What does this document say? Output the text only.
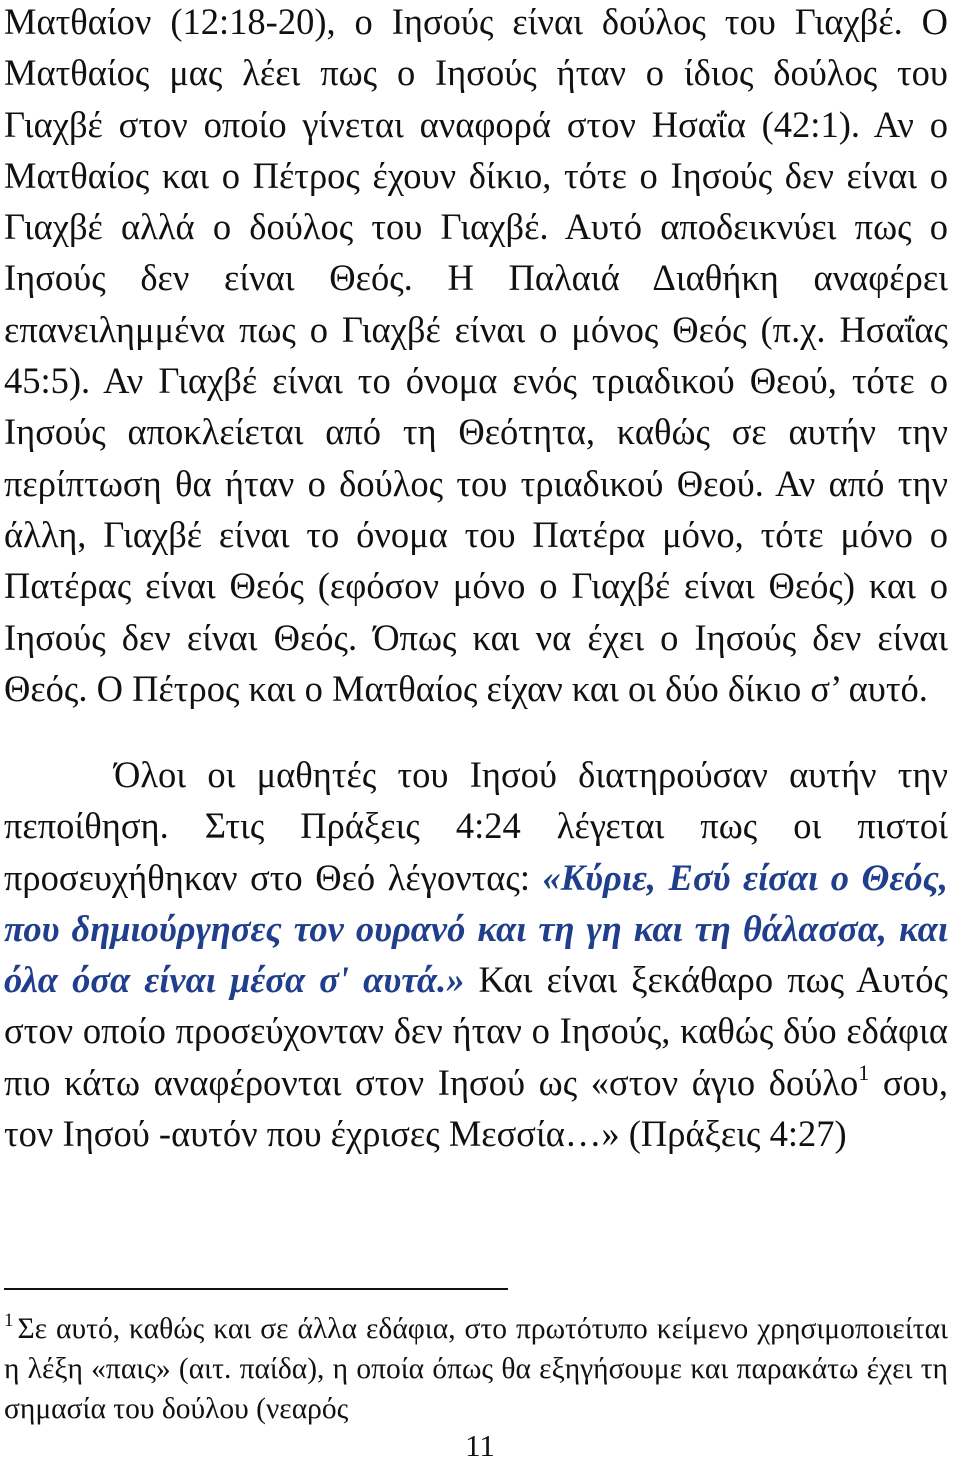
Ματθαίον (12:18-20), ο Ιησούς είναι δούλος του Γιαχβέ. Ο Ματθαίος μας λέει πως ο Ιησούς ήταν ο ίδιος δούλος του Γιαχβέ στον οποίο γίνεται αναφορά στον Ησαΐα (42:1). Αν ο Ματθαίος και ο Πέτρος έχουν δίκιο, τότε ο Ιησούς δεν είναι ο Γιαχβέ αλλά ο δούλος του Γιαχβέ. Αυτό αποδεικνύει πως ο Ιησούς δεν είναι Θεός. Η Παλαιά Διαθήκη αναφέρει επανειλημμένα πως ο Γιαχβέ είναι ο μόνος Θεός (π.χ. Ησαΐας 45:5). Αν Γιαχβέ είναι το όνομα ενός τριαδικού Θεού, τότε ο Ιησούς αποκλείεται από τη Θεότητα, καθώς σε αυτήν την περίπτωση θα ήταν ο δούλος του τριαδικού Θεού. Αν από την άλλη, Γιαχβέ είναι το όνομα του Πατέρα μόνο, τότε μόνο ο Πατέρας είναι Θεός (εφόσον μόνο ο Γιαχβέ είναι Θεός) και ο Ιησούς δεν είναι Θεός. Όπως και να έχει ο Ιησούς δεν είναι Θεός. Ο Πέτρος και ο Ματθαίος είχαν και οι δύο δίκιο σ’ αυτό.

Όλοι οι μαθητές του Ιησού διατηρούσαν αυτήν την πεποίθηση. Στις Πράξεις 4:24 λέγεται πως οι πιστοί προσευχήθηκαν στο Θεό λέγοντας: «Κύριε, Εσύ είσαι ο Θεός, που δημιούργησες τον ουρανό και τη γη και τη θάλασσα, και όλα όσα είναι μέσα σ' αυτά.» Και είναι ξεκάθαρο πως Αυτός στον οποίο προσεύχονταν δεν ήταν ο Ιησούς, καθώς δύο εδάφια πιο κάτω αναφέρονται στον Ιησού ως «στον άγιο δούλο$^1$ σου, τον Ιησού -αυτόν που έχρισες Μεσσία…» (Πράξεις 4:27)

$^1$ Σε αυτό, καθώς και σε άλλα εδάφια, στο πρωτότυπο κείμενο χρησιμοποιείται η λέξη «παις» (αιτ. παίδα), η οποία όπως θα εξηγήσουμε και παρακάτω έχει τη σημασία του δούλου (νεαρός

11
